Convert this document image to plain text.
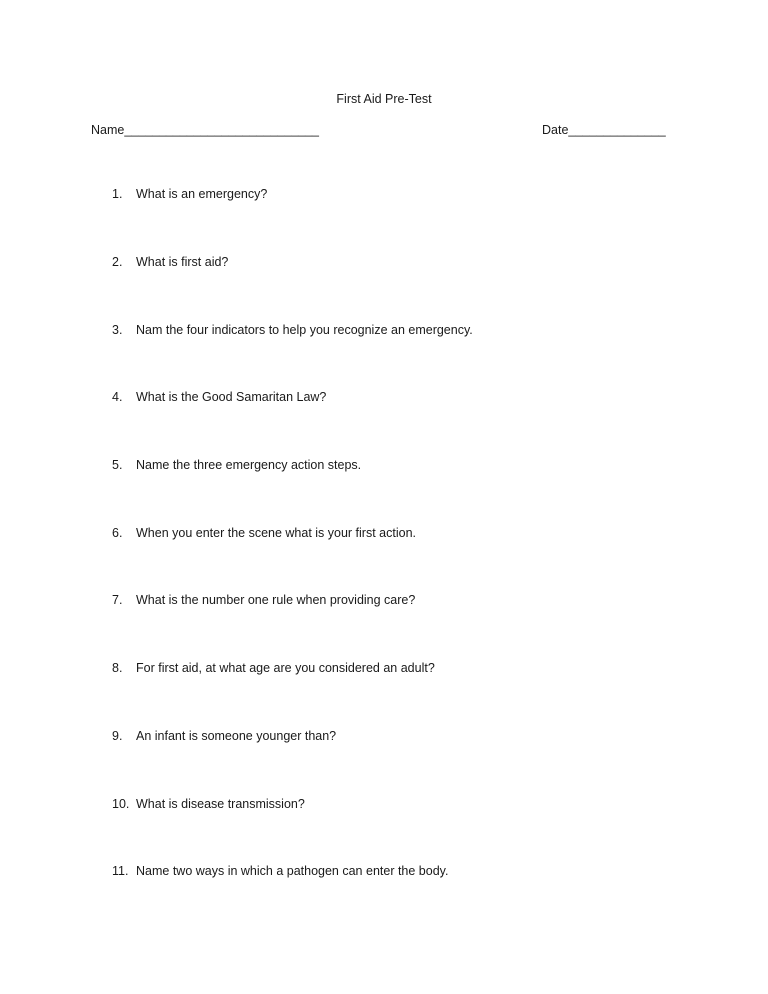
First Aid Pre-Test
Name____________________________	Date______________
1. What is an emergency?
2. What is first aid?
3. Nam the four indicators to help you recognize an emergency.
4. What is the Good Samaritan Law?
5. Name the three emergency action steps.
6. When you enter the scene what is your first action.
7. What is the number one rule when providing care?
8. For first aid, at what age are you considered an adult?
9. An infant is someone younger than?
10. What is disease transmission?
11. Name two ways in which a pathogen can enter the body.
